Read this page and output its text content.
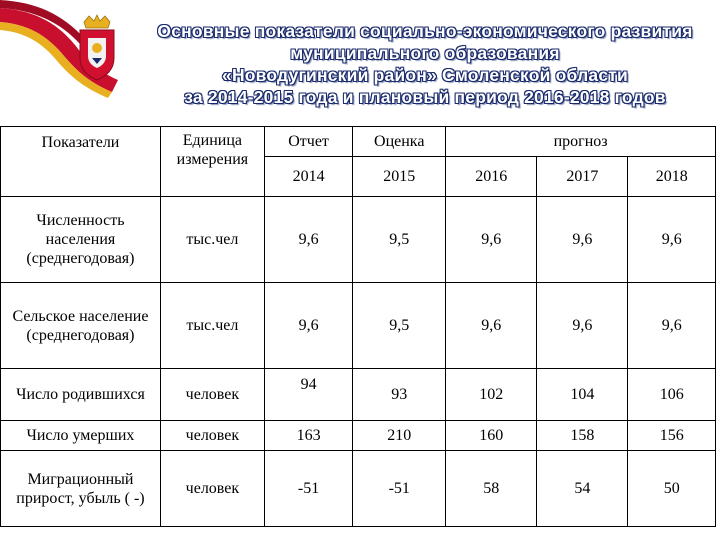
Основные показатели социально-экономического развития
муниципального образования
«Новодугинский район» Смоленской области
за 2014-2015 года и плановый период 2016-2018 годов
Показатели	Единица измерения	Отчет	Оценка	прогноз		
		2014	2015	2016	2017	2018
Численность населения (среднегодовая)	тыс.чел	9,6	9,5	9,6	9,6	9,6
Сельское население (среднегодовая)	тыс.чел	9,6	9,5	9,6	9,6	9,6
Число родившихся	человек	94	93	102	104	106
Число умерших	человек	163	210	160	158	156
Миграционный прирост, убыль ( -)	человек	-51	-51	58	54	50
